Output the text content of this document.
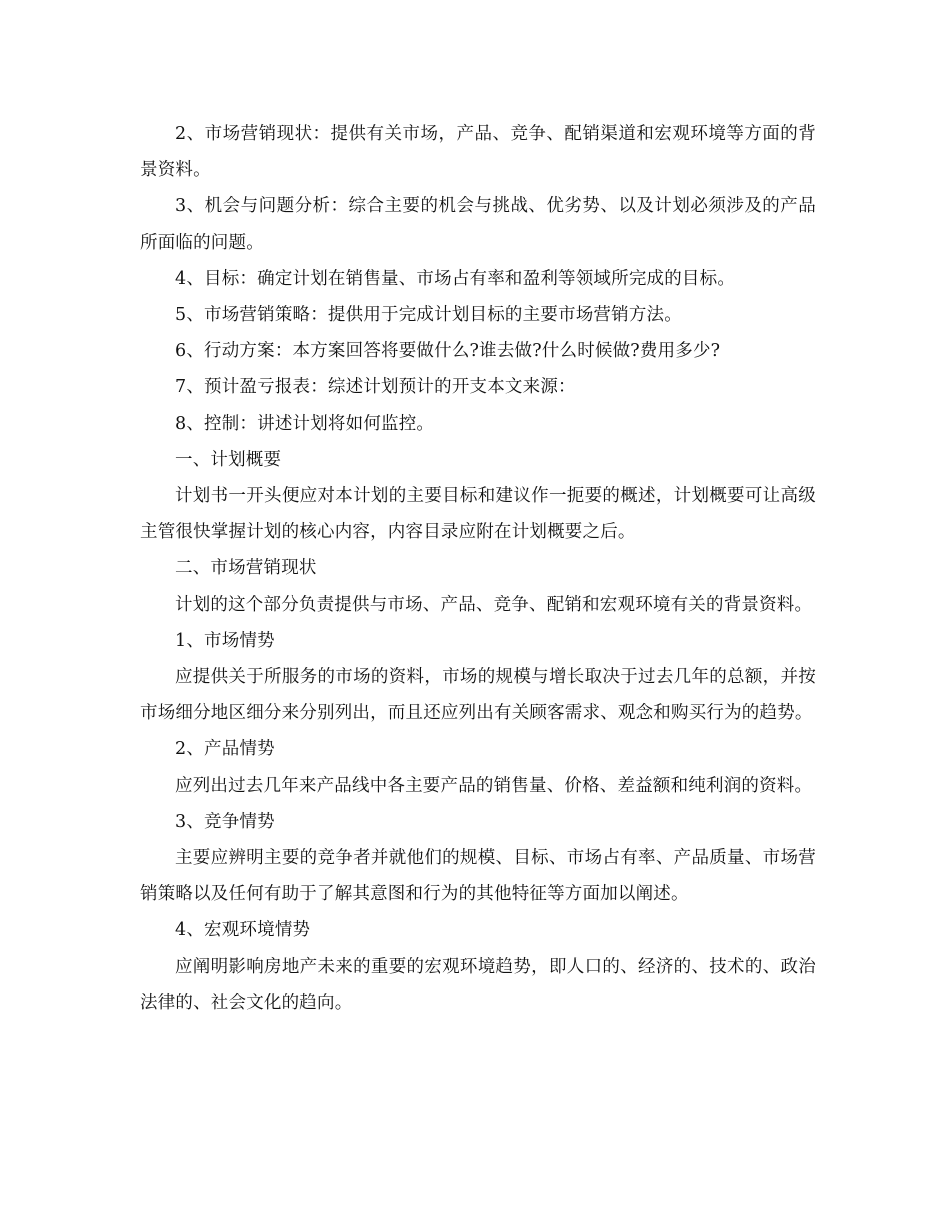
2、市场营销现状：提供有关市场，产品、竞争、配销渠道和宏观环境等方面的背景资料。

3、机会与问题分析：综合主要的机会与挑战、优劣势、以及计划必须涉及的产品所面临的问题。

4、目标：确定计划在销售量、市场占有率和盈利等领域所完成的目标。

5、市场营销策略：提供用于完成计划目标的主要市场营销方法。

6、行动方案：本方案回答将要做什么?谁去做?什么时候做?费用多少?

7、预计盈亏报表：综述计划预计的开支本文来源：

8、控制：讲述计划将如何监控。

一、计划概要

计划书一开头便应对本计划的主要目标和建议作一扼要的概述，计划概要可让高级主管很快掌握计划的核心内容，内容目录应附在计划概要之后。

二、市场营销现状

计划的这个部分负责提供与市场、产品、竞争、配销和宏观环境有关的背景资料。

1、市场情势

应提供关于所服务的市场的资料，市场的规模与增长取决于过去几年的总额，并按市场细分地区细分来分别列出，而且还应列出有关顾客需求、观念和购买行为的趋势。

2、产品情势

应列出过去几年来产品线中各主要产品的销售量、价格、差益额和纯利润的资料。

3、竞争情势

主要应辨明主要的竞争者并就他们的规模、目标、市场占有率、产品质量、市场营销策略以及任何有助于了解其意图和行为的其他特征等方面加以阐述。

4、宏观环境情势

应阐明影响房地产未来的重要的宏观环境趋势，即人口的、经济的、技术的、政治法律的、社会文化的趋向。
